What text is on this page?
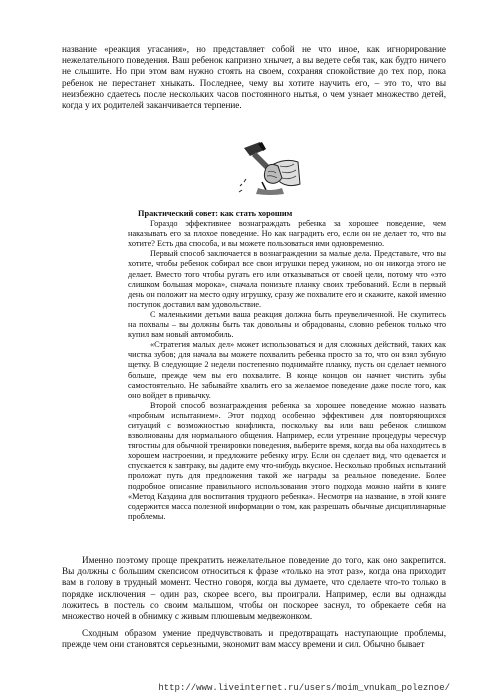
название «реакция угасания», но представляет собой не что иное, как игнорирование нежелательного поведения. Ваш ребенок капризно хнычет, а вы ведете себя так, как будто ничего не слышите. Но при этом вам нужно стоять на своем, сохраняя спокойствие до тех пор, пока ребенок не перестанет хныкать. Последнее, чему вы хотите научить его, – это то, что вы неизбежно сдаетесь после нескольких часов постоянного нытья, о чем узнает множество детей, когда у их родителей заканчивается терпение.

Практический совет: как стать хорошим

Гораздо эффективнее вознаграждать ребенка за хорошее поведение, чем наказывать его за плохое поведение. Но как наградить его, если он не делает то, что вы хотите? Есть два способа, и вы можете пользоваться ими одновременно.

Первый способ заключается в вознаграждении за малые дела. Представьте, что вы хотите, чтобы ребенок собирал все свои игрушки перед ужином, но он никогда этого не делает. Вместо того чтобы ругать его или отказываться от своей цели, потому что «это слишком большая морока», сначала понизьте планку своих требований. Если в первый день он положит на место одну игрушку, сразу же похвалите его и скажите, какой именно поступок доставил вам удовольствие.

С маленькими детьми ваша реакция должна быть преувеличенной. Не скупитесь на похвалы – вы должны быть так довольны и обрадованы, словно ребенок только что купил вам новый автомобиль.

«Стратегия малых дел» может использоваться и для сложных действий, таких как чистка зубов; для начала вы можете похвалить ребенка просто за то, что он взял зубную щетку. В следующие 2 недели постепенно поднимайте планку, пусть он сделает немного больше, прежде чем вы его похвалите. В конце концов он начнет чистить зубы самостоятельно. Не забывайте хвалить его за желаемое поведение даже после того, как оно войдет в привычку.

Второй способ вознаграждения ребенка за хорошее поведение можно назвать «пробным испытанием». Этот подход особенно эффективен для повторяющихся ситуаций с возможностью конфликта, поскольку вы или ваш ребенок слишком взволнованы для нормального общения. Например, если утренние процедуры чересчур тягостны для обычной тренировки поведения, выберите время, когда вы оба находитесь в хорошем настроении, и предложите ребенку игру. Если он сделает вид, что одевается и спускается к завтраку, вы дадите ему что-нибудь вкусное. Несколько пробных испытаний проложат путь для предложения такой же награды за реальное поведение. Более подробное описание правильного использования этого подхода можно найти в книге «Метод Каздина для воспитания трудного ребенка». Несмотря на название, в этой книге содержится масса полезной информации о том, как разрешать обычные дисциплинарные проблемы.

Именно поэтому проще прекратить нежелательное поведение до того, как оно закрепится. Вы должны с большим скепсисом относиться к фразе «только на этот раз», когда она приходит вам в голову в трудный момент. Честно говоря, когда вы думаете, что сделаете что-то только в порядке исключения – один раз, скорее всего, вы проиграли. Например, если вы однажды ложитесь в постель со своим малышом, чтобы он поскорее заснул, то обрекаете себя на множество ночей в обнимку с живым плюшевым медвежонком.

Сходным образом умение предчувствовать и предотвращать наступающие проблемы, прежде чем они становятся серьезными, экономит вам массу времени и сил. Обычно бывает

http://www.liveinternet.ru/users/moim_vnukam_poleznoe/
